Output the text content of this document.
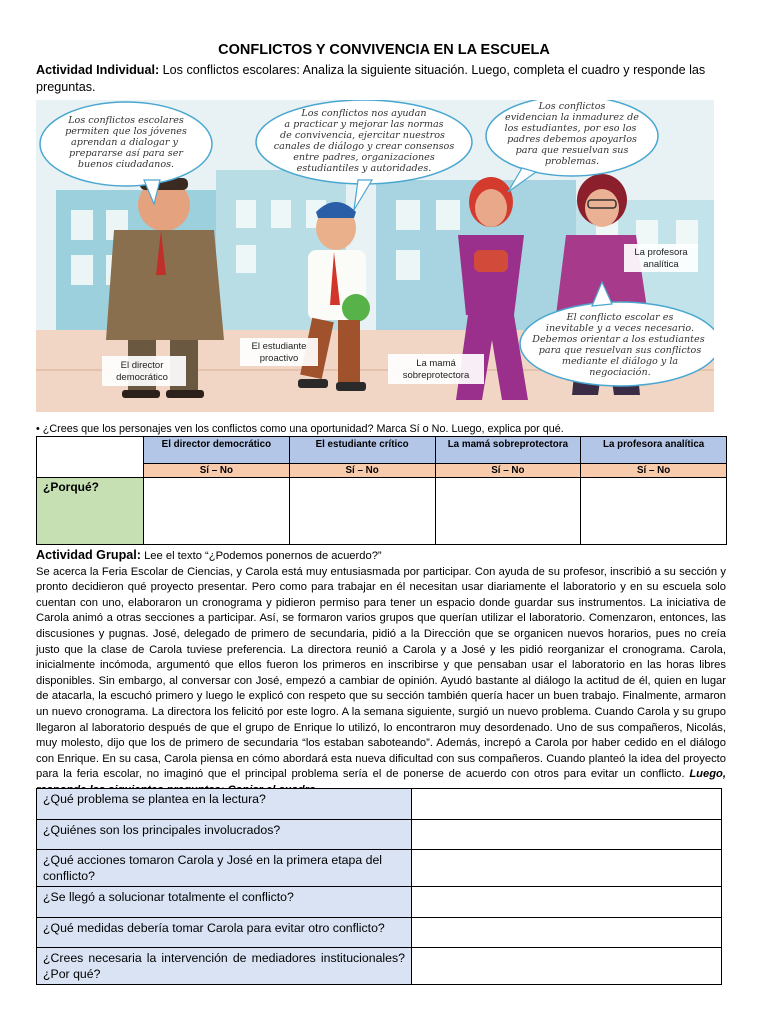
CONFLICTOS Y CONVIVENCIA EN LA ESCUELA
Actividad Individual: Los conflictos escolares: Analiza la siguiente situación. Luego, completa el cuadro y responde las preguntas.
Los conflictos escolares permiten que los jóvenes aprendan a dialogar y prepararse así para ser buenos ciudadanos.
Los conflictos nos ayudan a practicar y mejorar las normas de convivencia, ejercitar nuestros canales de diálogo y crear consensos entre padres, organizaciones estudiantiles y autoridades.
Los conflictos evidencian la inmadurez de los estudiantes, por eso los padres debemos apoyarlos para que resuelvan sus problemas.
El conflicto escolar es inevitable y a veces necesario. Debemos orientar a los estudiantes para que resuelvan sus conflictos mediante el diálogo y la negociación.
El director democrático
El estudiante proactivo	La mamá sobreprotectora
La profesora analítica
• ¿Crees que los personajes ven los conflictos como una oportunidad? Marca Sí o No. Luego, explica por qué.
	El director democrático	El estudiante crítico	La mamá sobreprotectora	La profesora analítica
	Sí – No	Sí – No	Sí – No	Sí – No
¿Porqué?				
Actividad Grupal: Lee el texto “¿Podemos ponernos de acuerdo?”
Se acerca la Feria Escolar de Ciencias, y Carola está muy entusiasmada por participar. Con ayuda de su profesor, inscribió a su sección y pronto decidieron qué proyecto presentar. Pero como para trabajar en él necesitan usar diariamente el laboratorio y en su escuela solo cuentan con uno, elaboraron un cronograma y pidieron permiso para tener un espacio donde guardar sus instrumentos. La iniciativa de Carola animó a otras secciones a participar. Así, se formaron varios grupos que querían utilizar el laboratorio. Comenzaron, entonces, las discusiones y pugnas. José, delegado de primero de secundaria, pidió a la Dirección que se organicen nuevos horarios, pues no creía justo que la clase de Carola tuviese preferencia. La directora reunió a Carola y a José y les pidió reorganizar el cronograma. Carola, inicialmente incómoda, argumentó que ellos fueron los primeros en inscribirse y que pensaban usar el laboratorio en las horas libres disponibles. Sin embargo, al conversar con José, empezó a cambiar de opinión. Ayudó bastante al diálogo la actitud de él, quien en lugar de atacarla, la escuchó primero y luego le explicó con respeto que su sección también quería hacer un buen trabajo. Finalmente, armaron un nuevo cronograma. La directora los felicitó por este logro. A la semana siguiente, surgió un nuevo problema. Cuando Carola y su grupo llegaron al laboratorio después de que el grupo de Enrique lo utilizó, lo encontraron muy desordenado. Uno de sus compañeros, Nicolás, muy molesto, dijo que los de primero de secundaria “los estaban saboteando”. Además, increpó a Carola por haber cedido en el diálogo con Enrique. En su casa, Carola piensa en cómo abordará esta nueva dificultad con sus compañeros. Cuando planteó la idea del proyecto para la feria escolar, no imaginó que el principal problema sería el de ponerse de acuerdo con otros para evitar un conflicto. Luego,
¿Qué problema se plantea en la lectura?	
¿Quiénes son los principales involucrados?	
¿Qué acciones tomaron Carola y José en la primera etapa del conflicto?	
¿Se llegó a solucionar totalmente el conflicto?	
¿Qué medidas debería tomar Carola para evitar otro conflicto?	
¿Crees necesaria la intervención de mediadores institucionales? ¿Por qué?	
